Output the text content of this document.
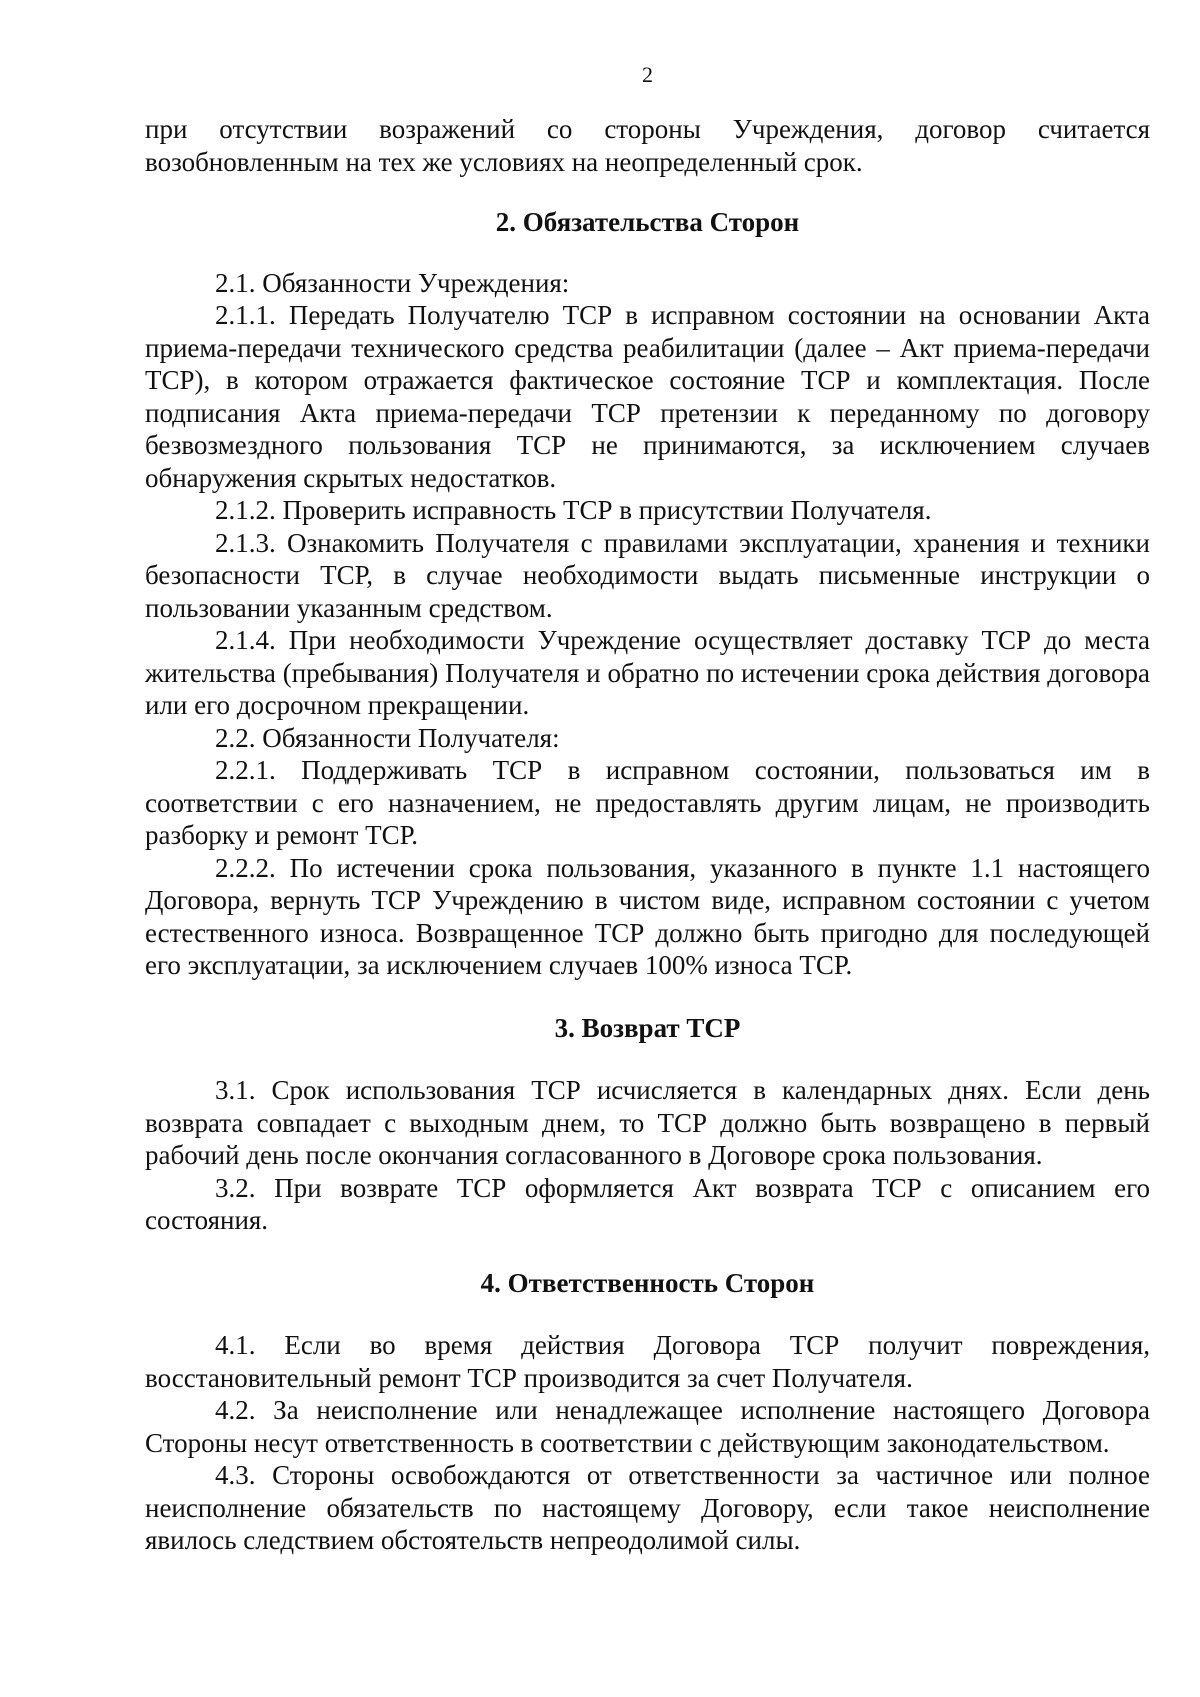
2

при отсутствии возражений со стороны Учреждения, договор считается возобновленным на тех же условиях на неопределенный срок.

2. Обязательства Сторон

2.1. Обязанности Учреждения:

2.1.1. Передать Получателю ТСР в исправном состоянии на основании Акта приема-передачи технического средства реабилитации (далее – Акт приема-передачи ТСР), в котором отражается фактическое состояние ТСР и комплектация. После подписания Акта приема-передачи ТСР претензии к переданному по договору безвозмездного пользования ТСР не принимаются, за исключением случаев обнаружения скрытых недостатков.

2.1.2. Проверить исправность ТСР в присутствии Получателя.

2.1.3. Ознакомить Получателя с правилами эксплуатации, хранения и техники безопасности ТСР, в случае необходимости выдать письменные инструкции о пользовании указанным средством.

2.1.4. При необходимости Учреждение осуществляет доставку ТСР до места жительства (пребывания) Получателя и обратно по истечении срока действия договора или его досрочном прекращении.

2.2. Обязанности Получателя:

2.2.1. Поддерживать ТСР в исправном состоянии, пользоваться им в соответствии с его назначением, не предоставлять другим лицам, не производить разборку и ремонт ТСР.

2.2.2. По истечении срока пользования, указанного в пункте 1.1 настоящего Договора, вернуть ТСР Учреждению в чистом виде, исправном состоянии с учетом естественного износа. Возвращенное ТСР должно быть пригодно для последующей его эксплуатации, за исключением случаев 100% износа ТСР.

3. Возврат ТСР

3.1. Срок использования ТСР исчисляется в календарных днях. Если день возврата совпадает с выходным днем, то ТСР должно быть возвращено в первый рабочий день после окончания согласованного в Договоре срока пользования.

3.2. При возврате ТСР оформляется Акт возврата ТСР с описанием его состояния.

4. Ответственность Сторон

4.1. Если во время действия Договора ТСР получит повреждения, восстановительный ремонт ТСР производится за счет Получателя.

4.2. За неисполнение или ненадлежащее исполнение настоящего Договора Стороны несут ответственность в соответствии с действующим законодательством.

4.3. Стороны освобождаются от ответственности за частичное или полное неисполнение обязательств по настоящему Договору, если такое неисполнение явилось следствием обстоятельств непреодолимой силы.
